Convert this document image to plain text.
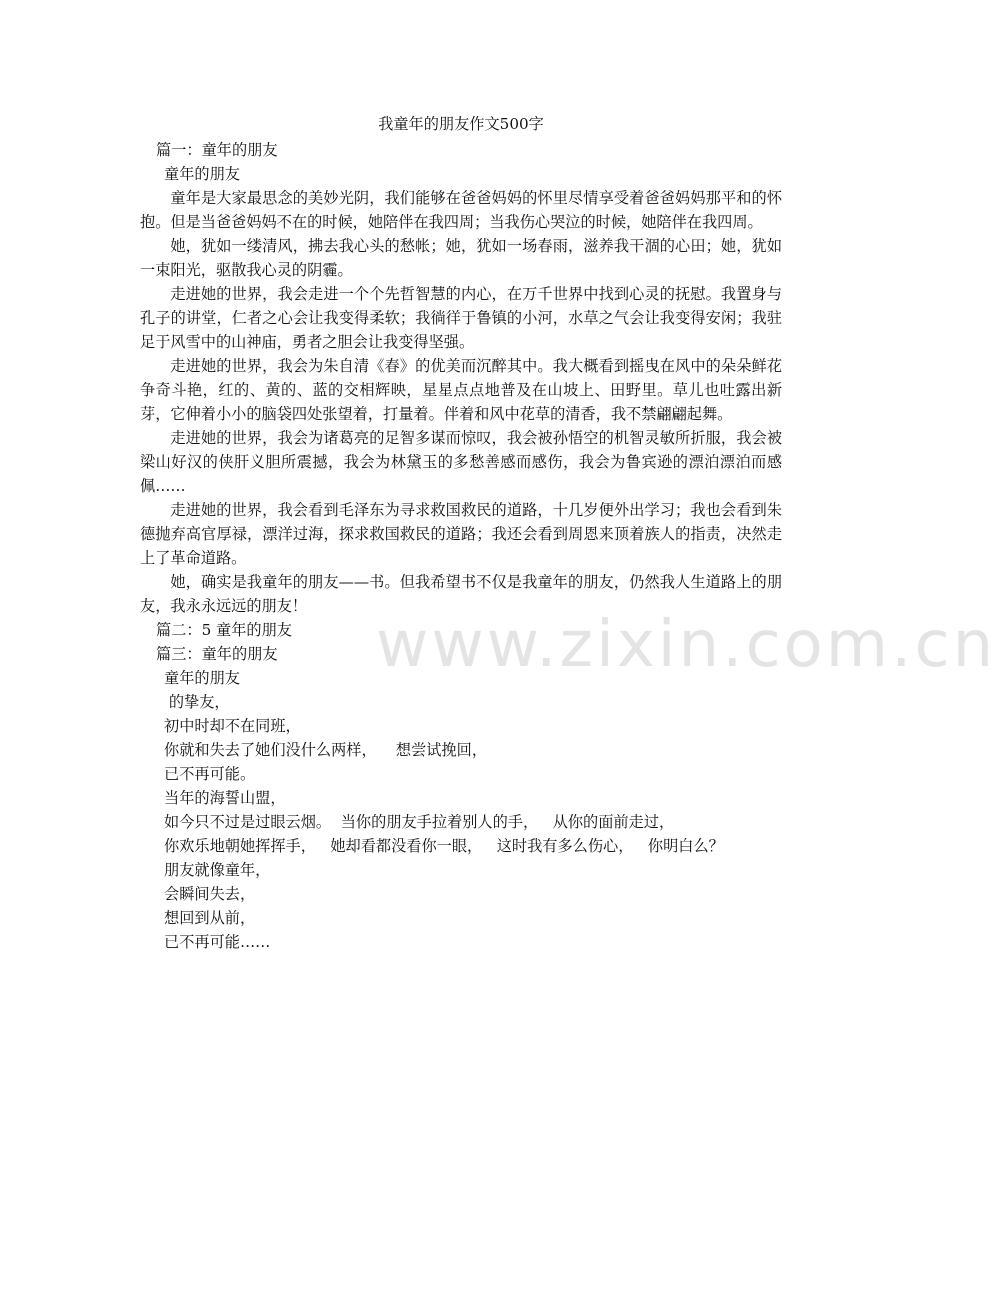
我童年的朋友作文500字
篇一：童年的朋友
童年的朋友

童年是大家最思念的美妙光阴，我们能够在爸爸妈妈的怀里尽情享受着爸爸妈妈那平和的怀抱。但是当爸爸妈妈不在的时候，她陪伴在我四周；当我伤心哭泣的时候，她陪伴在我四周。

她，犹如一缕清风，拂去我心头的愁帐；她，犹如一场春雨，滋养我干涸的心田；她，犹如一束阳光，驱散我心灵的阴霾。

走进她的世界，我会走进一个个先哲智慧的内心，在万千世界中找到心灵的抚慰。我置身与孔子的讲堂，仁者之心会让我变得柔软；我徜徉于鲁镇的小河，水草之气会让我变得安闲；我驻足于风雪中的山神庙，勇者之胆会让我变得坚强。

走进她的世界，我会为朱自清《春》的优美而沉醉其中。我大概看到摇曳在风中的朵朵鲜花争奇斗艳，红的、黄的、蓝的交相辉映，星星点点地普及在山坡上、田野里。草儿也吐露出新芽，它伸着小小的脑袋四处张望着，打量着。伴着和风中花草的清香，我不禁翩翩起舞。

走进她的世界，我会为诸葛亮的足智多谋而惊叹，我会被孙悟空的机智灵敏所折服，我会被梁山好汉的侠肝义胆所震撼，我会为林黛玉的多愁善感而感伤，我会为鲁宾逊的漂泊漂泊而感佩……

走进她的世界，我会看到毛泽东为寻求救国救民的道路，十几岁便外出学习；我也会看到朱德抛弃高官厚禄，漂洋过海，探求救国救民的道路；我还会看到周恩来顶着族人的指责，决然走上了革命道路。

她，确实是我童年的朋友——书。但我希望书不仅是我童年的朋友，仍然我人生道路上的朋友，我永永远远的朋友！

篇二：5 童年的朋友
篇三：童年的朋友
童年的朋友
的挚友，
初中时却不在同班，
你就和失去了她们没什么两样，    想尝试挽回，
已不再可能。
当年的海誓山盟，
如今只不过是过眼云烟。  当你的朋友手拉着别人的手，   从你的面前走过，
你欢乐地朝她挥挥手，   她却看都没看你一眼，   这时我有多么伤心，   你明白么？
朋友就像童年，
会瞬间失去，
想回到从前，
已不再可能……
www.zixin.com.cn
